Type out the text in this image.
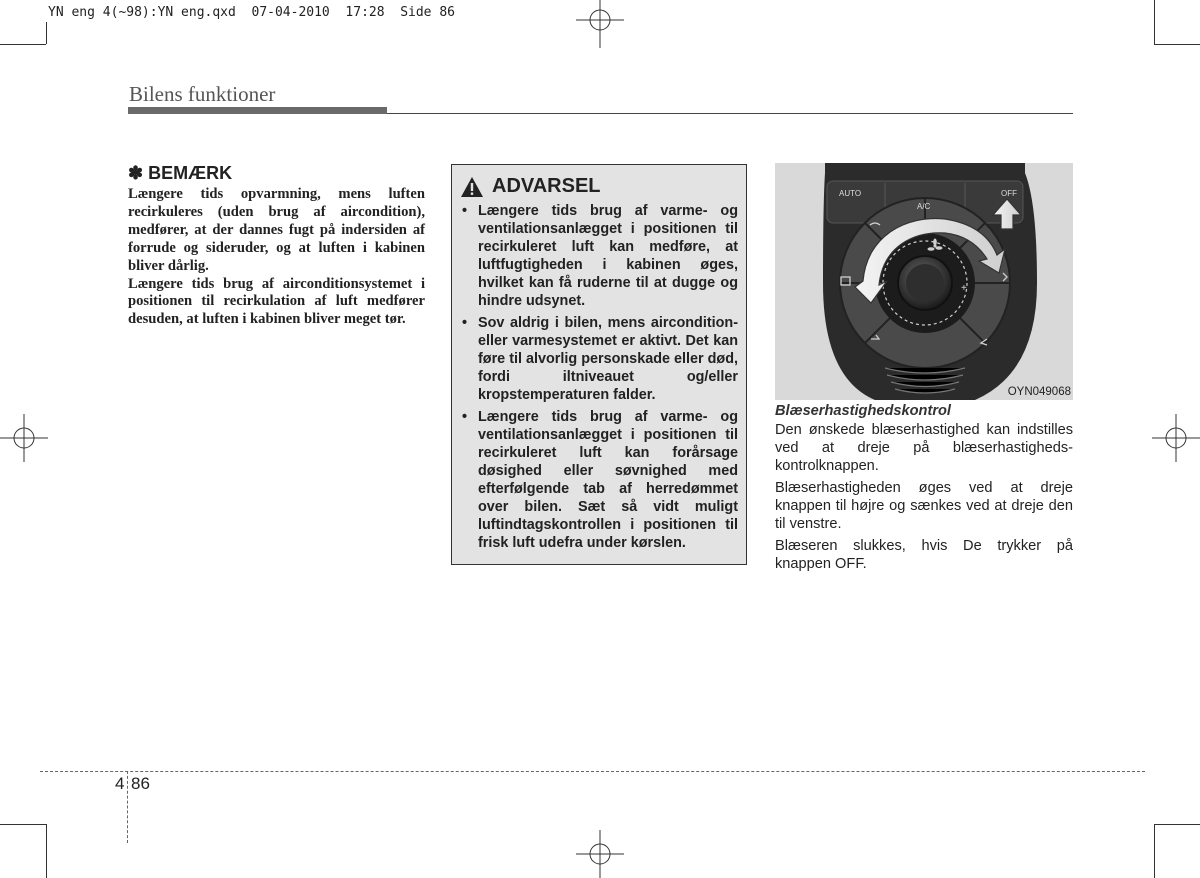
YN eng 4(~98):YN eng.qxd  07-04-2010  17:28  Side 86
Bilens funktioner
✽ BEMÆRK

Længere tids opvarmning, mens luften recirkuleres (uden brug af aircondition), medfører, at der dannes fugt på indersiden af forrude og sideruder, og at luften i kabinen bliver dårlig.

Længere tids brug af airconditionsystemet i positionen til recirkulation af luft medfører desuden, at luften i kabinen bliver meget tør.

ADVARSEL
• Længere tids brug af varme- og ventilationsanlægget i positionen til recirkuleret luft kan medføre, at luftfugtigheden i kabinen øges, hvilket kan få ruderne til at dugge og hindre udsynet.
• Sov aldrig i bilen, mens aircondition- eller varmesystemet er aktivt. Det kan føre til alvorlig personskade eller død, fordi iltniveauet og/eller kropstemperaturen falder.
• Længere tids brug af varme- og ventilationsanlægget i positionen til recirkuleret luft kan forårsage døsighed eller søvnighed med efterfølgende tab af herredømmet over bilen. Sæt så vidt muligt luftindtagskontrollen i positionen til frisk luft udefra under kørslen.
AUTO	OFF
A/C
+
OYN049068
Blæserhastighedskontrol

Den ønskede blæserhastighed kan indstilles ved at dreje på blæserhastighedskontrolknappen.

Blæserhastigheden øges ved at dreje knappen til højre og sænkes ved at dreje den til venstre.

Blæseren slukkes, hvis De trykker på knappen OFF.

4 86
